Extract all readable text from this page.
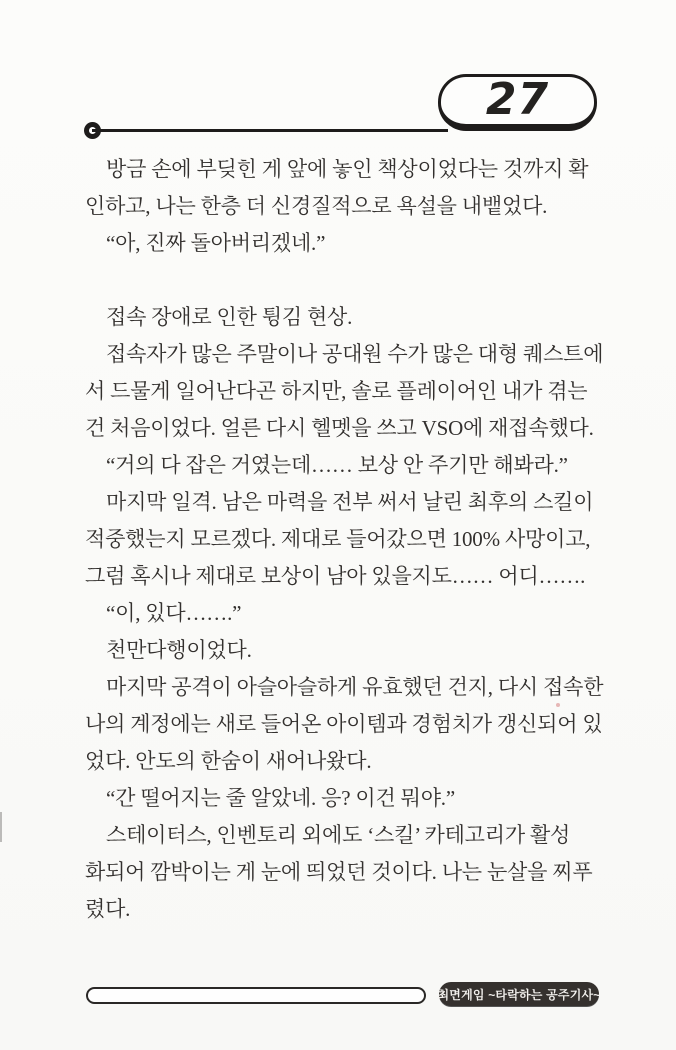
27
방금 손에 부딪힌 게 앞에 놓인 책상이었다는 것까지 확
인하고, 나는 한층 더 신경질적으로 욕설을 내뱉었다.
“아, 진짜 돌아버리겠네.”
접속 장애로 인한 튕김 현상.
접속자가 많은 주말이나 공대원 수가 많은 대형 퀘스트에
서 드물게 일어난다곤 하지만, 솔로 플레이어인 내가 겪는
건 처음이었다. 얼른 다시 헬멧을 쓰고 VSO에 재접속했다.
“거의 다 잡은 거였는데…… 보상 안 주기만 해봐라.”
마지막 일격. 남은 마력을 전부 써서 날린 최후의 스킬이
적중했는지 모르겠다. 제대로 들어갔으면 100% 사망이고,
그럼 혹시나 제대로 보상이 남아 있을지도…… 어디…….
“이, 있다…….”
천만다행이었다.
마지막 공격이 아슬아슬하게 유효했던 건지, 다시 접속한
나의 계정에는 새로 들어온 아이템과 경험치가 갱신되어 있
었다. 안도의 한숨이 새어나왔다.
“간 떨어지는 줄 알았네. 응? 이건 뭐야.”
스테이터스, 인벤토리 외에도 ‘스킬’ 카테고리가 활성
화되어 깜박이는 게 눈에 띄었던 것이다. 나는 눈살을 찌푸
렸다.
최면게임 ~타락하는 공주기사~
